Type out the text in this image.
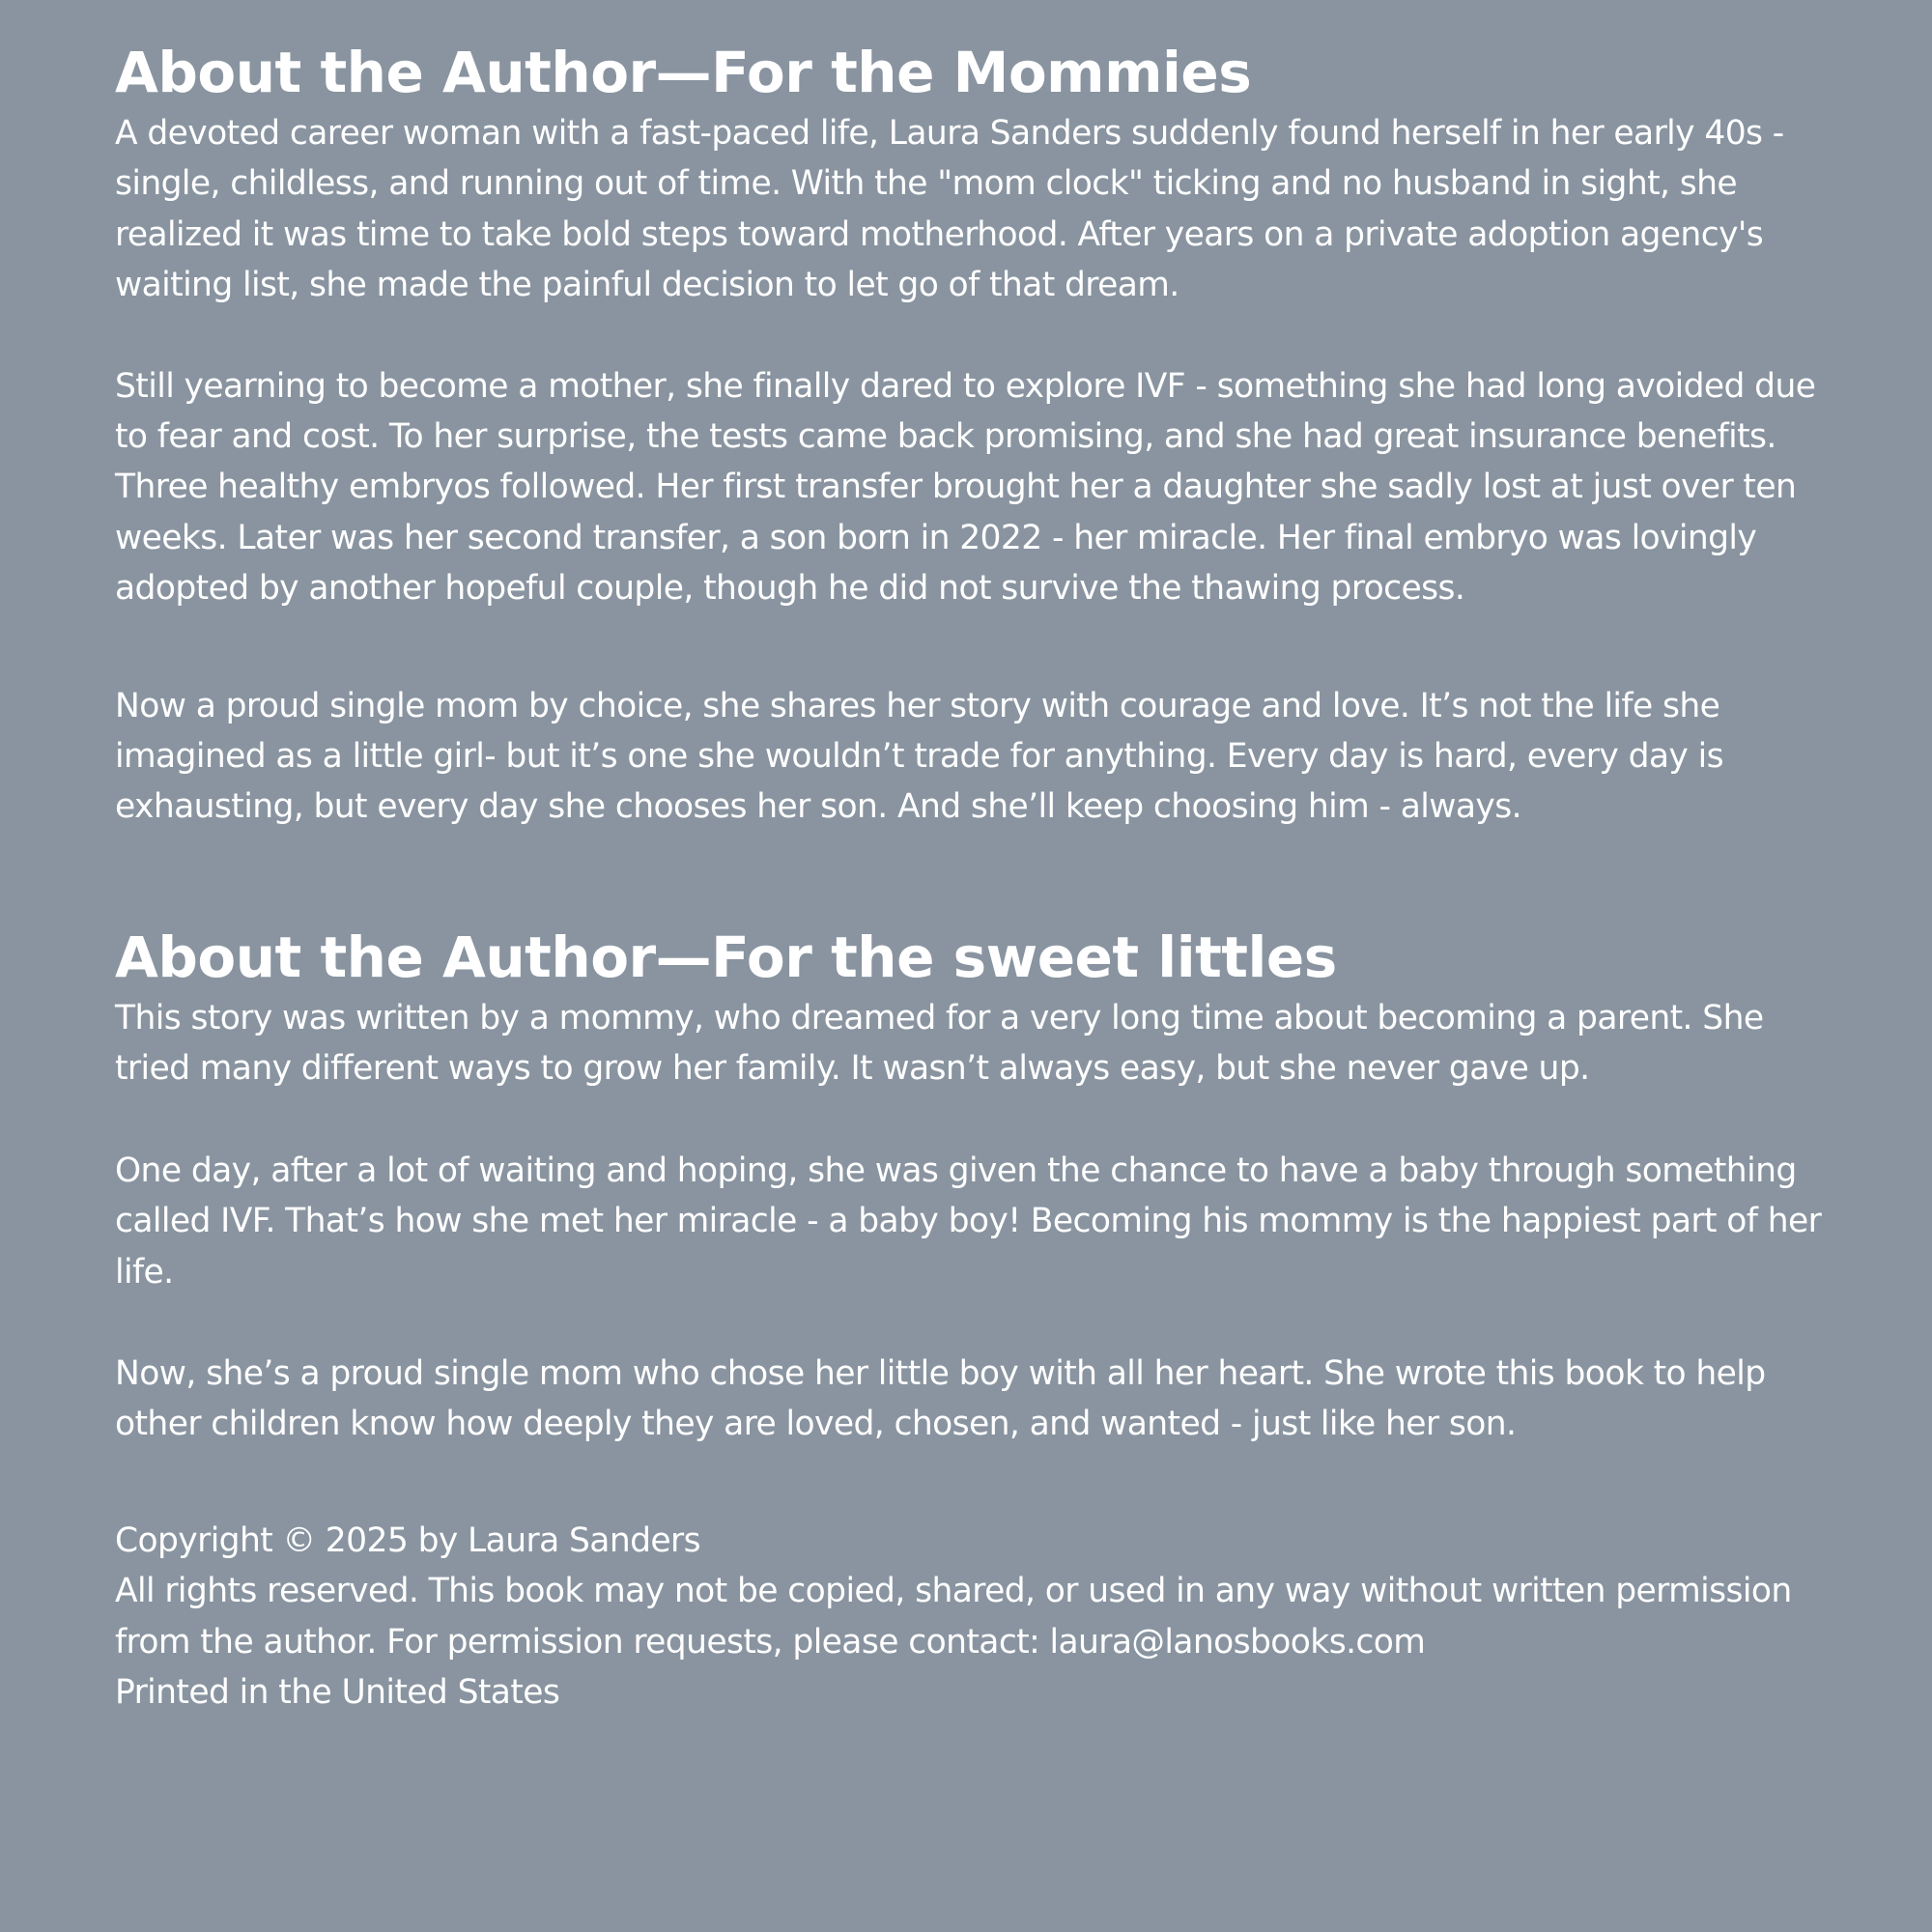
About the Author—For the Mommies

A devoted career woman with a fast-paced life, Laura Sanders suddenly found herself in her early 40s - single, childless, and running out of time. With the "mom clock" ticking and no husband in sight, she realized it was time to take bold steps toward motherhood. After years on a private adoption agency's waiting list, she made the painful decision to let go of that dream.

Still yearning to become a mother, she finally dared to explore IVF - something she had long avoided due to fear and cost. To her surprise, the tests came back promising, and she had great insurance benefits. Three healthy embryos followed. Her first transfer brought her a daughter she sadly lost at just over ten weeks. Later was her second transfer, a son born in 2022 - her miracle. Her final embryo was lovingly adopted by another hopeful couple, though he did not survive the thawing process.

Now a proud single mom by choice, she shares her story with courage and love. It’s not the life she imagined as a little girl- but it’s one she wouldn’t trade for anything. Every day is hard, every day is exhausting, but every day she chooses her son. And she’ll keep choosing him - always.

About the Author—For the sweet littles

This story was written by a mommy, who dreamed for a very long time about becoming a parent. She tried many different ways to grow her family. It wasn’t always easy, but she never gave up.

One day, after a lot of waiting and hoping, she was given the chance to have a baby through something called IVF. That’s how she met her miracle - a baby boy! Becoming his mommy is the happiest part of her life.

Now, she’s a proud single mom who chose her little boy with all her heart. She wrote this book to help other children know how deeply they are loved, chosen, and wanted - just like her son.

Copyright © 2025 by Laura Sanders

All rights reserved. This book may not be copied, shared, or used in any way without written permission from the author. For permission requests, please contact: laura@lanosbooks.com

Printed in the United States
